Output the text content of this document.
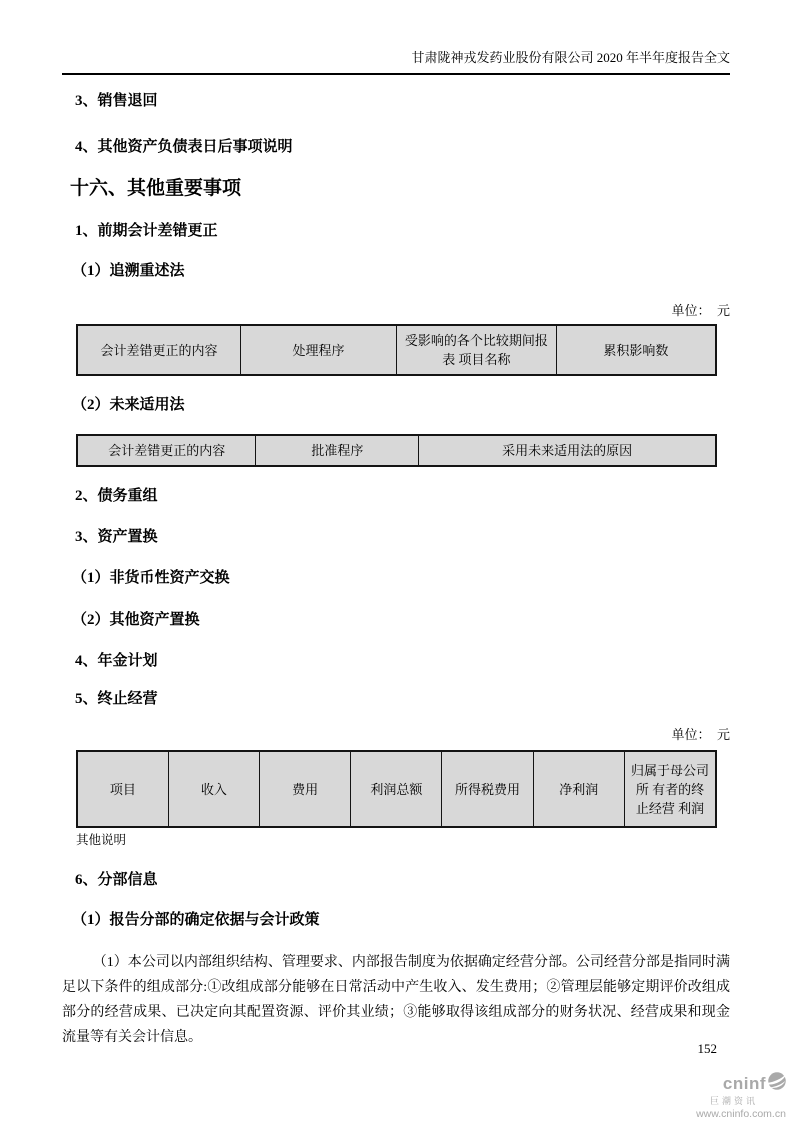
甘肃陇神戎发药业股份有限公司 2020 年半年度报告全文
3、销售退回
4、其他资产负债表日后事项说明
十六、其他重要事项
1、前期会计差错更正
（1）追溯重述法
单位：  元
会计差错更正的内容	处理程序	受影响的各个比较期间报表 项目名称	累积影响数
（2）未来适用法
会计差错更正的内容	批准程序	采用未来适用法的原因
2、债务重组
3、资产置换
（1）非货币性资产交换
（2）其他资产置换
4、年金计划
5、终止经营
单位：  元
项目	收入	费用	利润总额	所得税费用	净利润	归属于母公司所 有者的终止经营 利润
其他说明
6、分部信息
（1）报告分部的确定依据与会计政策
（1）本公司以内部组织结构、管理要求、内部报告制度为依据确定经营分部。公司经营分部是指同时满足以下条件的组成部分:①改组成部分能够在日常活动中产生收入、发生费用；②管理层能够定期评价改组成部分的经营成果、已决定向其配置资源、评价其业绩；③能够取得该组成部分的财务状况、经营成果和现金流量等有关会计信息。
152
cninf
巨潮资讯
www.cninfo.com.cn
